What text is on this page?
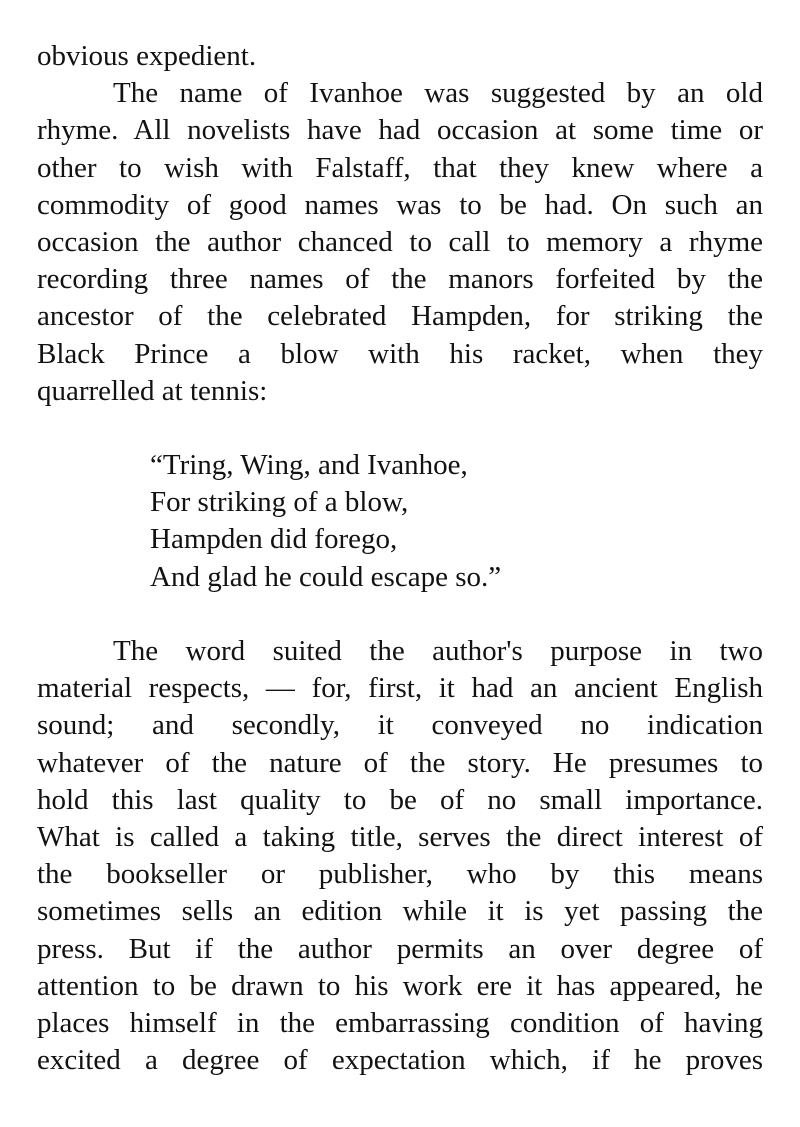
obvious expedient.
The name of Ivanhoe was suggested by an old
rhyme. All novelists have had occasion at some time or
other to wish with Falstaff, that they knew where a
commodity of good names was to be had. On such an
occasion the author chanced to call to memory a rhyme
recording three names of the manors forfeited by the
ancestor of the celebrated Hampden, for striking the
Black Prince a blow with his racket, when they
quarrelled at tennis:
“Tring, Wing, and Ivanhoe,
For striking of a blow,
Hampden did forego,
And glad he could escape so.”
The word suited the author's purpose in two
material respects, — for, first, it had an ancient English
sound; and secondly, it conveyed no indication
whatever of the nature of the story. He presumes to
hold this last quality to be of no small importance.
What is called a taking title, serves the direct interest of
the bookseller or publisher, who by this means
sometimes sells an edition while it is yet passing the
press. But if the author permits an over degree of
attention to be drawn to his work ere it has appeared, he
places himself in the embarrassing condition of having
excited a degree of expectation which, if he proves
